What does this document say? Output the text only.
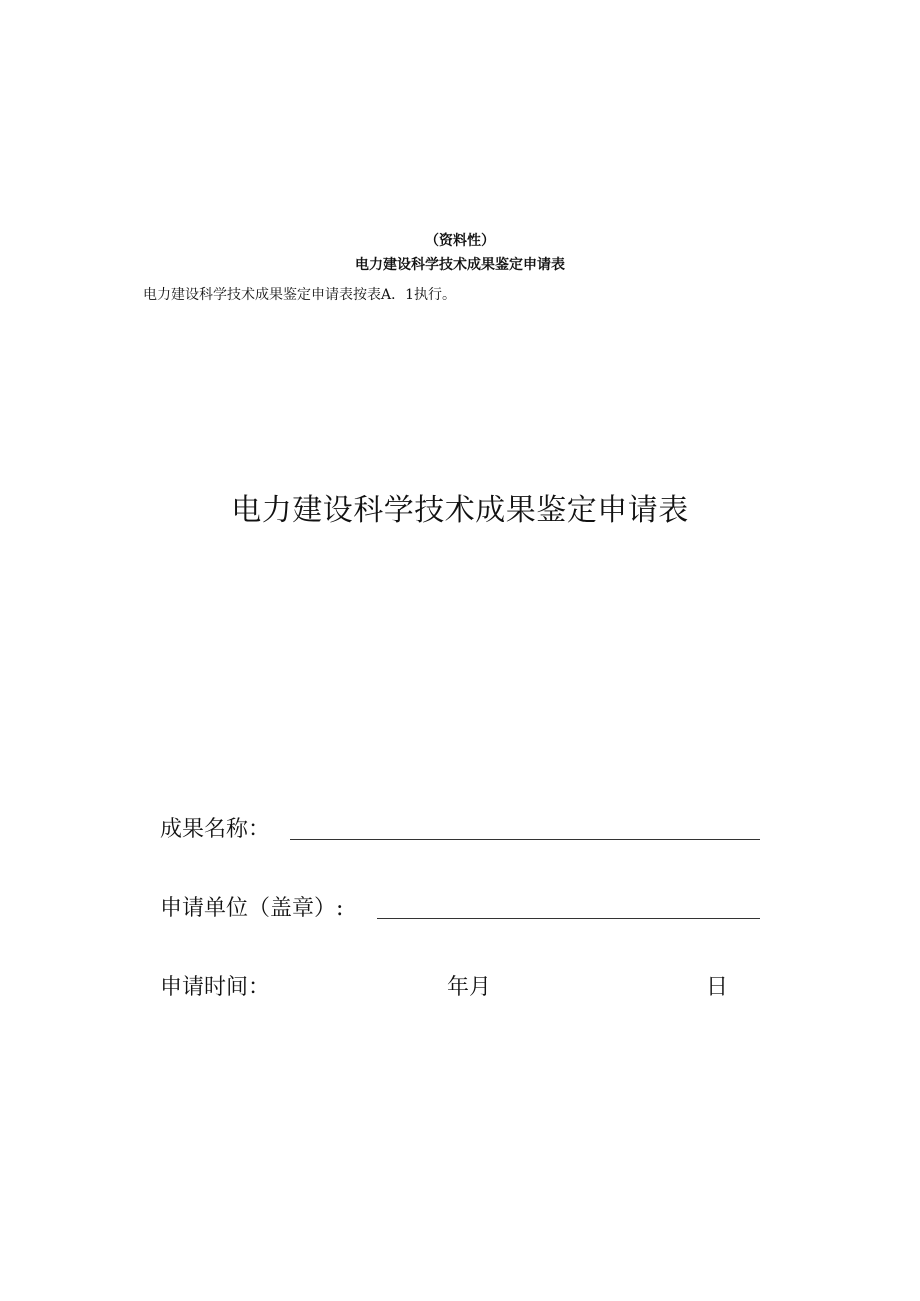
（资料性）
电力建设科学技术成果鉴定申请表
电力建设科学技术成果鉴定申请表按表A．1执行。
电力建设科学技术成果鉴定申请表
成果名称：
申请单位（盖章）:
申请时间：	年月	日
